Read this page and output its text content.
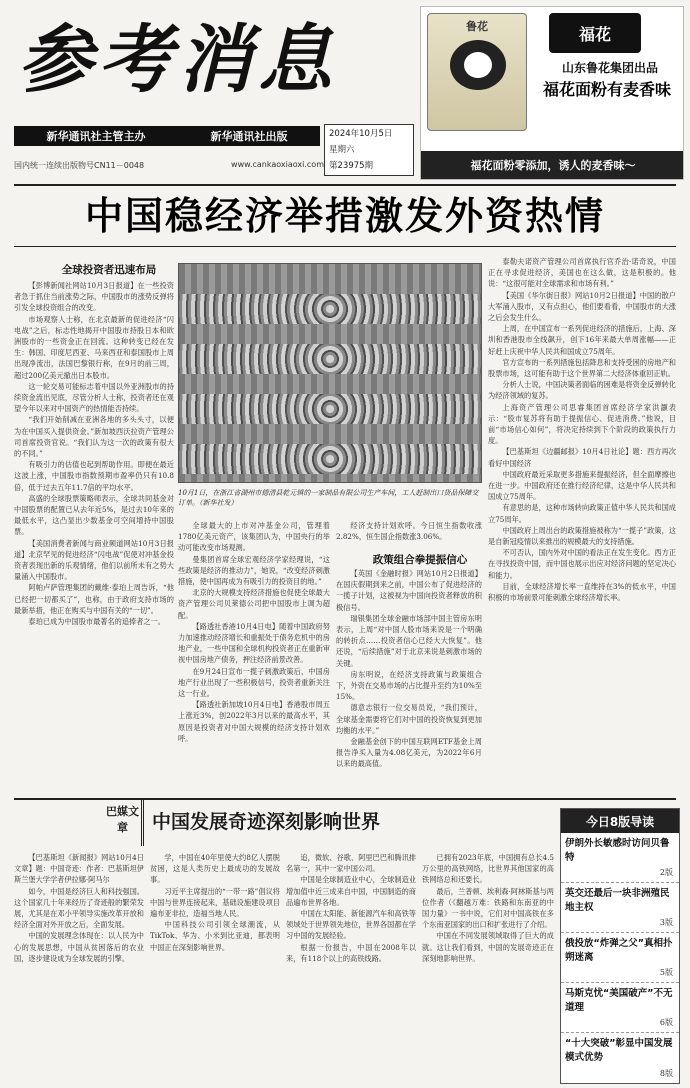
参考消息
新华通讯社主管主办	新华通讯社出版
国内统一连续出版物号CN11－0048	www.cankaoxiaoxi.com
2024年10月5日
星期六
第23975期
鲁花	福花
山东鲁花集团出品
福花面粉有麦香味
福花面粉零添加，诱人的麦香味～
中国稳经济举措激发外资热情
全球投资者迅速布局

【彭博新闻社网站10月3日报道】在一些投资者急于抓住当前涨势之际，中国股市的涨势反弹将引发全球投资组合的改变。

市场观察人士称，在北京最新的促进经济“闪电战”之后，标志性地揭开中国股市持股日本和欧洲股市的一些资金正在回流。这种转变已经在发生：韩国、印度尼西亚、马来西亚和泰国股市上周出现净流出，法国巴黎银行称，在9月的前三周，超过200亿美元撤出日本股市。

这一轮交易可能标志着中国以外亚洲股市的持续资金流出见底，尽管分析人士称，投资者还在观望今年以来对中国资产的热情能否持续。

“我们开始削减在亚洲各地的多头头寸，以便为在中国买入提供资金。”新加坡西沃拉资产管理公司首席投资官说。“我们认为这一次的政策有很大的不同。”

有吸引力的估值也起到帮助作用。即便在最近这波上涨，中国股市指数预期市盈率仍只有10.8倍，低于过去五年11.7倍的平均水平。

高盛的全球股票策略师表示，全球共同基金对中国股票的配置已从去年近5%，是过去10年来的最低水平，这凸显出少数基金可空间增持中国股票。

【美国消费者新闻与商业频道网站10月3日报道】北京罕见的促进经济“闪电战”促使对冲基金投资者表现出新的乐观情绪，他们以前所未有之势大量涌入中国股市。

阿帕卢萨管理集团的戴维·泰珀上周告诉，“他已经把一切都买了”，也称，由于政府支持市场的最新举措，他正在购买与中国有关的“一切”。

泰珀已成为中国股市最著名的追捧者之一。

10月1日，在浙江省湖州市德清县乾元镇的一家制品有限公司生产车间，工人赶制出口货品保障交订单。（新华社发）

全球最大的上市对冲基金公司，管理着1780亿美元资产，该集团认为，中国央行的举动可能改变市场观测。

曼集团首席全球宏观经济学家经理说，“这些政策是经济的推动力”，她说，“改变经济刺激措施，使中国再成为有吸引力的投资目的地。”

北京的大规模支持经济措施也促使全球最大资产管理公司贝莱德公司把中国股市上调为超配。

【路透社香港10月4日电】随着中国政府努力加速推动经济增长和重振处于债务危机中的房地产业，一些中国和全球机构投资者正在重新审视中国房地产债务，押注经济前景改善。

在9月24日宣布一揽子刺激政策后，中国房地产行业出现了一些积极信号，投资者重新关注这一行业。

【路透社新加坡10月4日电】香港股市周五上涨近3%，创2022年3月以来的最高水平，其原因是投资者对中国大规模的经济支持计划欢呼。

经济支持计划欢呼。今日恒生指数收涨2.82%，恒生国企指数涨3.06%。

政策组合拳提振信心

【英国《金融时报》网站10月2日报道】在国庆假期到来之前，中国公布了促进经济的一揽子计划，这被视为中国向投资者释放的积极信号。

瑞银集团全球金融市场部中国主管房东明表示，上周“对中国人股市场来说是一个明确的转折点……投资者信心已经大大恢复”。他还说，“后续措施”对于北京来说是刺激市场的关键。

房东明说，在经济支持政策与政策组合下，外资在交易市场的占比提升至约为10%至15%。

德意志银行一位交易员说，“我们预计，全球基金需要将它们对中国的投资恢复到更加均衡的水平。”

金融基金创下的中国互联网ETF基金上周报告净买入量为4.08亿美元，为2022年6月以来的最高值。

泰勒夫诺资产管理公司首席执行官乔治·诺奇说，中国正在寻求促进经济，美国也在这么做，这是积极的。他说：“这很可能对全球需求和市场有利。”

【美国《华尔街日报》网站10月2日报道】中国的散户大军涌入股市，又有点担心，他们要看看，中国股市的大涨之后会发生什么。

上周，在中国宣布一系列促进经济的措施后，上海、深圳和香港股市全线飙升，创下16年来最大单周涨幅——正好赶上庆祝中华人民共和国成立75周年。

官方宣布的一系列措施包括降息和支持受困的房地产和股票市场，这可能有助于这个世界第二大经济体重回正轨。

分析人士说，中国决策者面临的困难是将资金反弹转化为经济领域的复苏。

上海资产管理公司思睿集团首席经济学家洪灝表示：“股市复苏将有助于提振信心、促进消费。”他说，目前“市场信心如何”，将决定持续到下个阶段的政策执行力度。

【巴基斯坦《边疆邮报》10月4日社论】题：西方再次看好中国经济

中国政府最近采取更多措施来提振经济，但全面摩擦也在进一步。中国政府还在推行经济纪律，这是中华人民共和国成立75周年。

有意思的是，这种市场转向政策正值中华人民共和国成立75周年。

中国政府上周出台的政策措施被称为“一揽子”政策，这是自新冠疫情以来推出的规模最大的支持措施。

不可否认，国内外对中国的看法正在发生变化。西方正在寻找投资中国，而中国也展示出应对经济问题的坚定决心和能力。

目前，全球经济增长率一直维持在3%的低水平，中国积极的市场前景可能刺激全球经济增长率。

巴媒文章	中国发展奇迹深刻影响世界

【巴基斯坦《新闻报》网站10月4日文章】题：中国奇迹：作者：巴基斯坦伊斯兰堡大学学者伊拉娜·阿马尔

如今，中国是经济巨人和科技强国。这个国家几十年来经历了奇迹般的繁荣发展，尤其是在邓小平领导实施改革开放和经济全面对外开放之后，全面发展。

中国的发展理念体现在：以人民为中心的发展思想，中国从贫困落后的农业国，逐步建设成为全球发展的引擎。

学，中国在40年里使大约8亿人摆脱贫困，这是人类历史上最成功的发展故事。

习近平主席提出的“一带一路”倡议将中国与世界连接起来，基础设施建设项目遍布亚非拉，造福当地人民。

中国科技公司引领全球潮流，从TikTok、华为、小米到比亚迪，都表明中国正在深刻影响世界。

追，微软、谷歌、阿里巴巴和腾讯排名第一，其中一家中国公司。

中国是全球制造业中心，全球制造业增加值中近三成来自中国，中国制造的商品遍布世界各地。

中国在太阳能、新能源汽车和高铁等领域处于世界领先地位，世界各国都在学习中国的发展经验。

根据一份报告，中国在2008年以来，有118个以上的高铁线路。

已拥有2023年底，中国拥有总长4.5万公里的高铁网络，比世界其他国家的高铁网络总和还要长。

最后，兰普顿、埃利森·阿林斯基与两位作者（《翻越万难：铁路和东南亚的中国力量》一书中说，它们对中国高铁在多个东南亚国家的出口和扩张进行了介绍。

中国在不同发展领域取得了巨大的成就。这让我们看到，中国的发展奇迹正在深刻地影响世界。

今日8版导读
伊朗外长敏感时访问贝鲁特
2版
英交还最后一块非洲殖民地主权
3版
俄投放“炸弹之父”真相扑朔迷离
5版
马斯克忧“美国破产”不无道理
6版
“十大突破”彰显中国发展模式优势
8版
